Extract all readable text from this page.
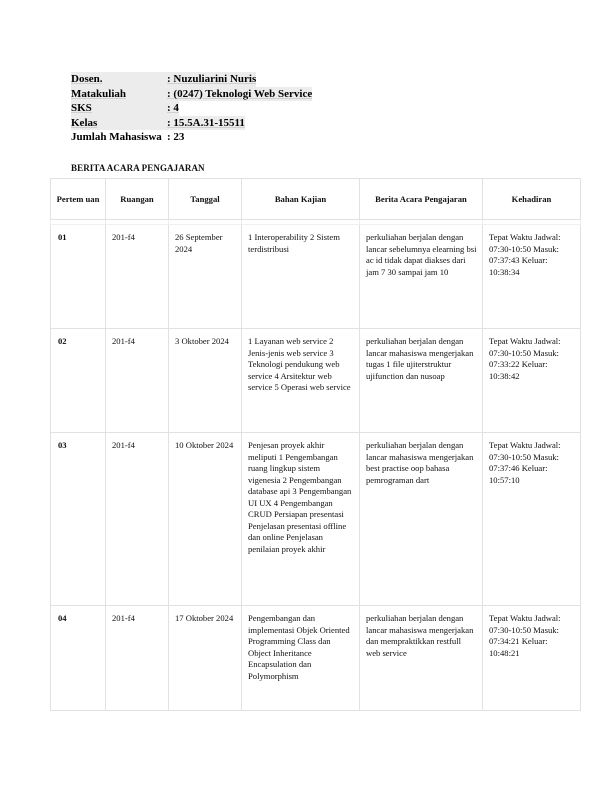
Dosen.	: Nuzuliarini Nuris
Matakuliah	: (0247) Teknologi Web Service
SKS	: 4
Kelas	: 15.5A.31-15511
Jumlah Mahasiswa : 23
BERITA ACARA PENGAJARAN
Pertem uan	Ruangan	Tanggal	Bahan Kajian	Berita Acara Pengajaran	Kehadiran

01	201-f4	26 September 2024	1 Interoperability 2 Sistem terdistribusi	perkuliahan berjalan dengan lancar sebelumnya elearning bsi ac id tidak dapat diakses dari jam 7 30 sampai jam 10	Tepat Waktu Jadwal: 07:30-10:50 Masuk: 07:37:43 Keluar: 10:38:34
02	201-f4	3 Oktober 2024	1 Layanan web service 2 Jenis-jenis web service 3 Teknologi pendukung web service 4 Arsitektur web service 5 Operasi web service	perkuliahan berjalan dengan lancar mahasiswa mengerjakan tugas 1 file ujiterstruktur ujifunction dan nusoap	Tepat Waktu Jadwal: 07:30-10:50 Masuk: 07:33:22 Keluar: 10:38:42
03	201-f4	10 Oktober 2024	Penjesan proyek akhir meliputi 1 Pengembangan ruang lingkup sistem vigenesia 2 Pengembangan database api 3 Pengembangan UI UX 4 Pengembangan CRUD Persiapan presentasi Penjelasan presentasi offline dan online Penjelasan penilaian proyek akhir	perkuliahan berjalan dengan lancar mahasiswa mengerjakan best practise oop bahasa pemrograman dart	Tepat Waktu Jadwal: 07:30-10:50 Masuk: 07:37:46 Keluar: 10:57:10
04	201-f4	17 Oktober 2024	Pengembangan dan implementasi Objek Oriented Programming Class dan Object Inheritance Encapsulation dan Polymorphism	perkuliahan berjalan dengan lancar mahasiswa mengerjakan dan mempraktikkan restfull web service	Tepat Waktu Jadwal: 07:30-10:50 Masuk: 07:34:21 Keluar: 10:48:21
